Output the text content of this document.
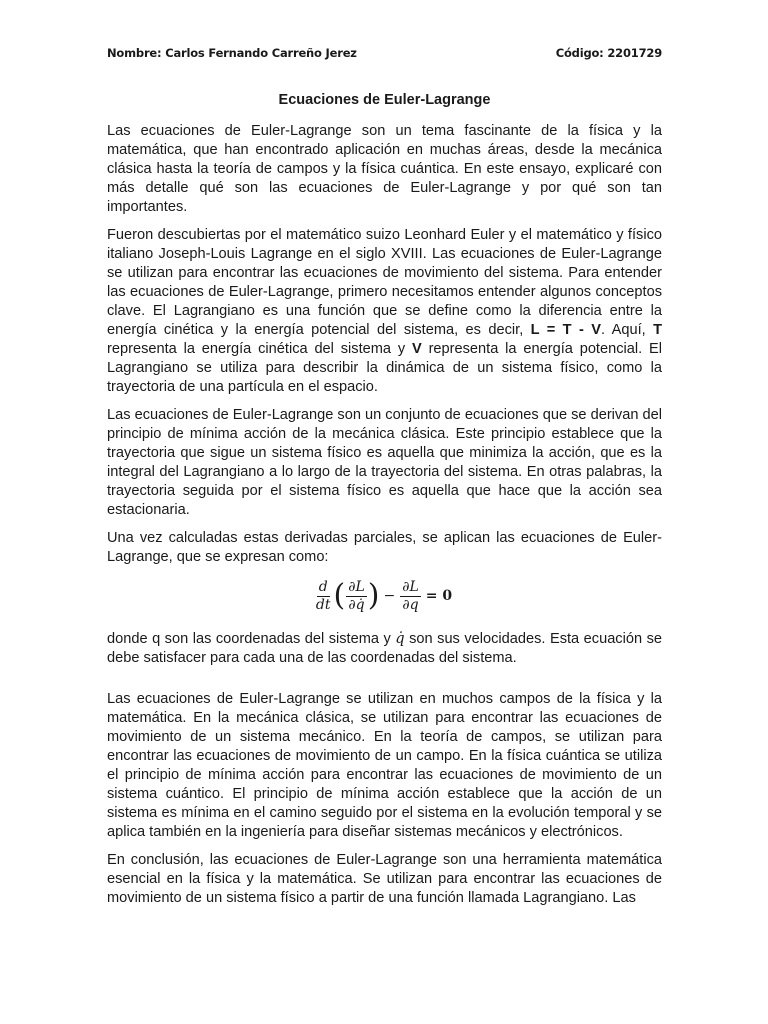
Nombre: Carlos Fernando Carreño Jerez	Código: 2201729
Ecuaciones de Euler-Lagrange

Las ecuaciones de Euler-Lagrange son un tema fascinante de la física y la matemática, que han encontrado aplicación en muchas áreas, desde la mecánica clásica hasta la teoría de campos y la física cuántica. En este ensayo, explicaré con más detalle qué son las ecuaciones de Euler-Lagrange y por qué son tan importantes.

Fueron descubiertas por el matemático suizo Leonhard Euler y el matemático y físico italiano Joseph-Louis Lagrange en el siglo XVIII. Las ecuaciones de Euler-Lagrange se utilizan para encontrar las ecuaciones de movimiento del sistema. Para entender las ecuaciones de Euler-Lagrange, primero necesitamos entender algunos conceptos clave. El Lagrangiano es una función que se define como la diferencia entre la energía cinética y la energía potencial del sistema, es decir, L = T - V. Aquí, T representa la energía cinética del sistema y V representa la energía potencial. El Lagrangiano se utiliza para describir la dinámica de un sistema físico, como la trayectoria de una partícula en el espacio.

Las ecuaciones de Euler-Lagrange son un conjunto de ecuaciones que se derivan del principio de mínima acción de la mecánica clásica. Este principio establece que la trayectoria que sigue un sistema físico es aquella que minimiza la acción, que es la integral del Lagrangiano a lo largo de la trayectoria del sistema. En otras palabras, la trayectoria seguida por el sistema físico es aquella que hace que la acción sea estacionaria.

Una vez calculadas estas derivadas parciales, se aplican las ecuaciones de Euler-Lagrange, que se expresan como:

$\frac{d}{dt}$ ( $\frac{\partial L}{\partial q̇}$ ) − $\frac{\partial L}{\partial q} = 0$

donde q son las coordenadas del sistema y q̇ son sus velocidades. Esta ecuación se debe satisfacer para cada una de las coordenadas del sistema.

Las ecuaciones de Euler-Lagrange se utilizan en muchos campos de la física y la matemática. En la mecánica clásica, se utilizan para encontrar las ecuaciones de movimiento de un sistema mecánico. En la teoría de campos, se utilizan para encontrar las ecuaciones de movimiento de un campo. En la física cuántica se utiliza el principio de mínima acción para encontrar las ecuaciones de movimiento de un sistema cuántico. El principio de mínima acción establece que la acción de un sistema es mínima en el camino seguido por el sistema en la evolución temporal y se aplica también en la ingeniería para diseñar sistemas mecánicos y electrónicos.

En conclusión, las ecuaciones de Euler-Lagrange son una herramienta matemática esencial en la física y la matemática. Se utilizan para encontrar las ecuaciones de movimiento de un sistema físico a partir de una función llamada Lagrangiano. Las
